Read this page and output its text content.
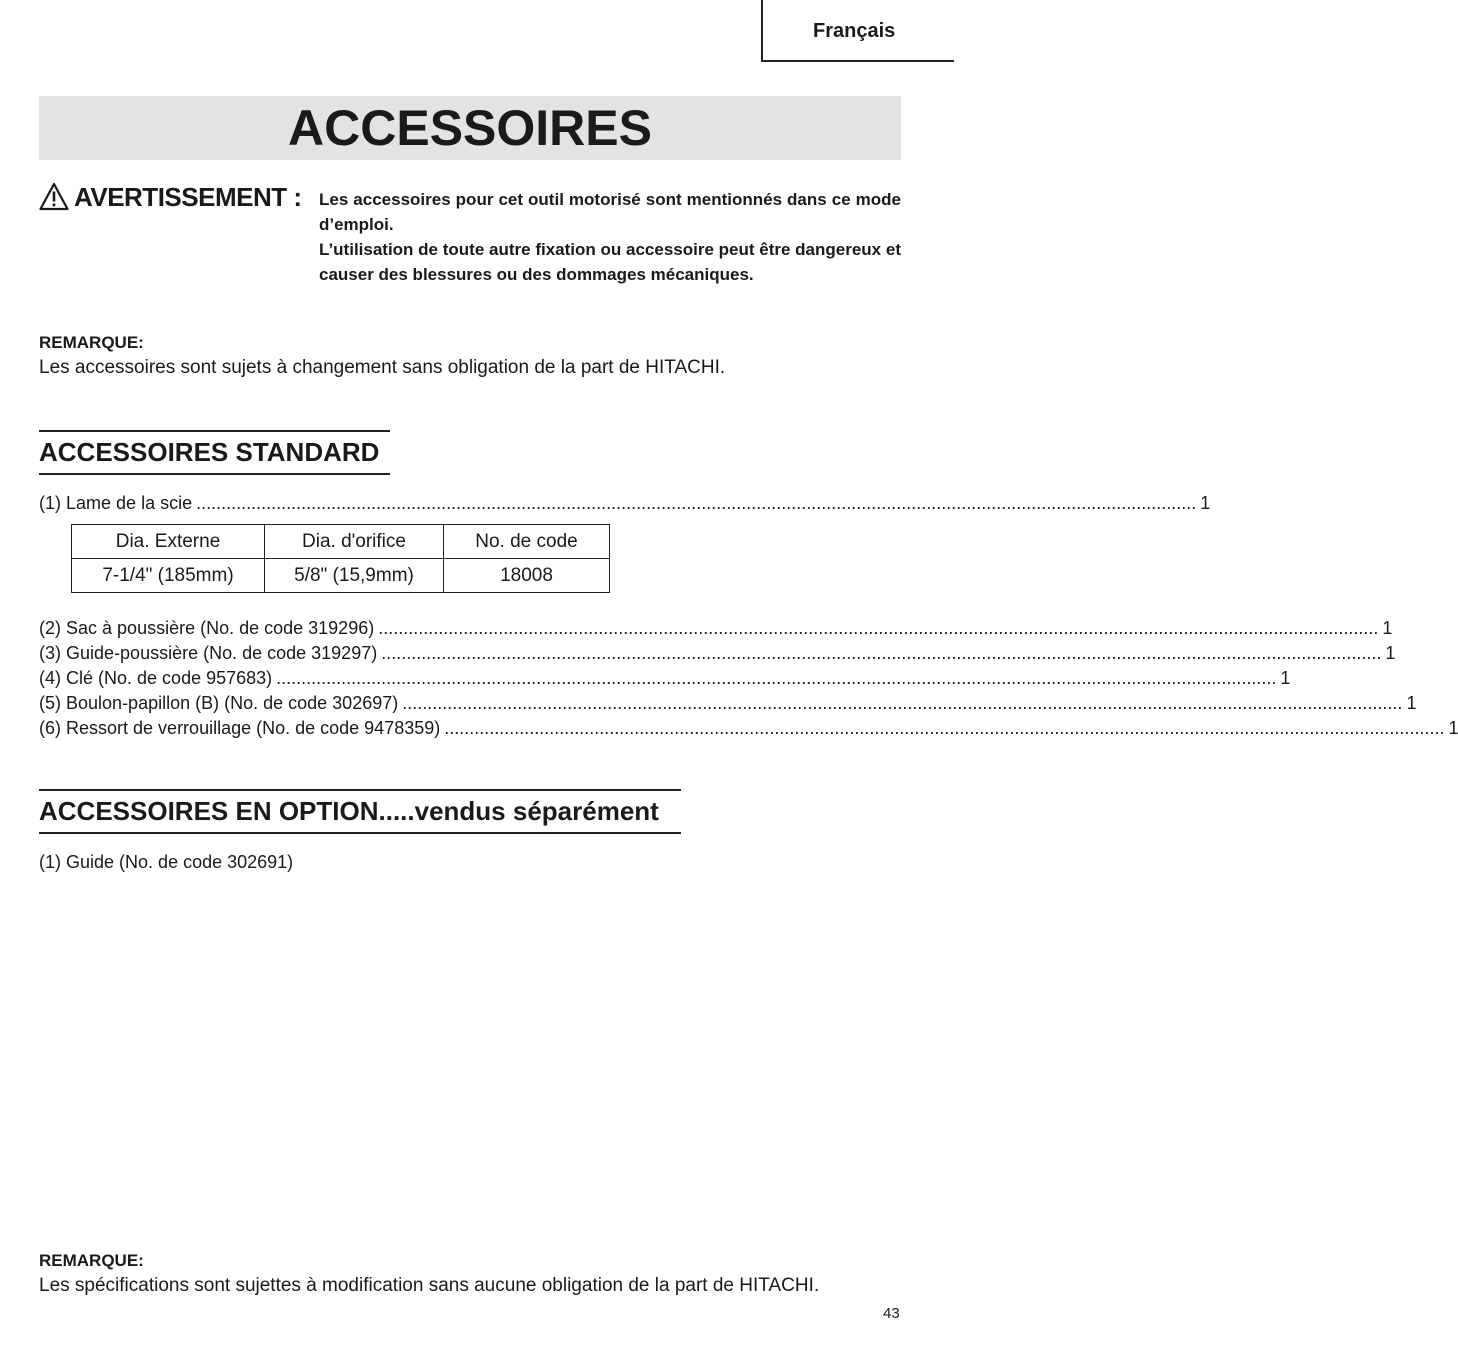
Français
ACCESSOIRES
AVERTISSEMENT : Les accessoires pour cet outil motorisé sont mentionnés dans ce mode d’emploi.

L’utilisation de toute autre fixation ou accessoire peut être dangereux et causer des blessures ou des dommages mécaniques.

REMARQUE:
Les accessoires sont sujets à changement sans obligation de la part de HITACHI.
ACCESSOIRES STANDARD
(1)
Lame de la scie ........................................................................................................................................................................................................ 1
Dia. Externe	Dia. d'orifice	No. de code
7-1/4" (185mm)	5/8" (15,9mm)	18008
(2)
Sac à poussière (No. de code 319296) ........................................................................................................................................................................................................ 1
(3)
Guide-poussière (No. de code 319297) ........................................................................................................................................................................................................ 1
(4)
Clé (No. de code 957683) ........................................................................................................................................................................................................ 1
(5)
Boulon-papillon (B) (No. de code 302697) ........................................................................................................................................................................................................ 1
(6)
Ressort de verrouillage (No. de code 9478359) ........................................................................................................................................................................................................ 1
ACCESSOIRES EN OPTION.....vendus séparément
(1)
Guide (No. de code 302691)
REMARQUE:
Les spécifications sont sujettes à modification sans aucune obligation de la part de HITACHI.
43
